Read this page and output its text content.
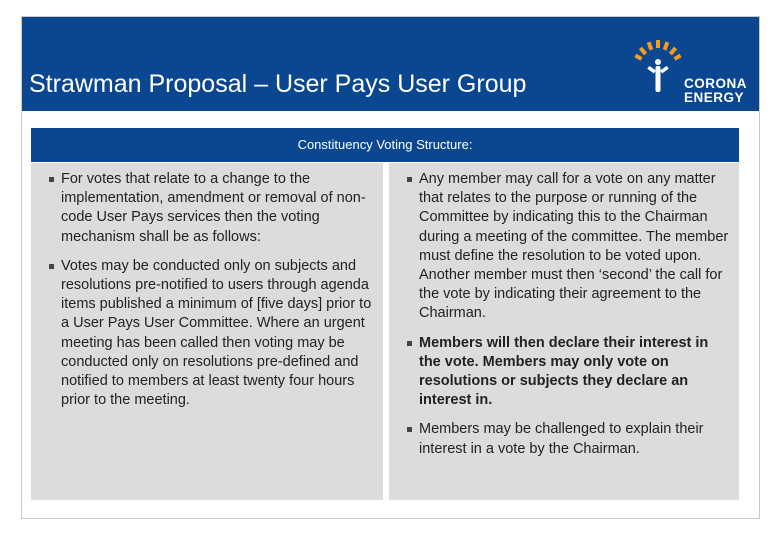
Strawman Proposal – User Pays User Group	CORONA
ENERGY
Constituency Voting Structure:
For votes that relate to a change to the implementation, amendment or removal of non-code User Pays services then the voting mechanism shall be as follows:
Votes may be conducted only on subjects and resolutions pre-notified to users through agenda items published a minimum of [five days] prior to a User Pays User Committee. Where an urgent meeting has been called then voting may be conducted only on resolutions pre-defined and notified to members at least twenty four hours prior to the meeting.
Any member may call for a vote on any matter that relates to the purpose or running of the Committee by indicating this to the Chairman during a meeting of the committee. The member must define the resolution to be voted upon. Another member must then ‘second’ the call for the vote by indicating their agreement to the Chairman.
Members will then declare their interest in the vote. Members may only vote on resolutions or subjects they declare an interest in.
Members may be challenged to explain their interest in a vote by the Chairman.
